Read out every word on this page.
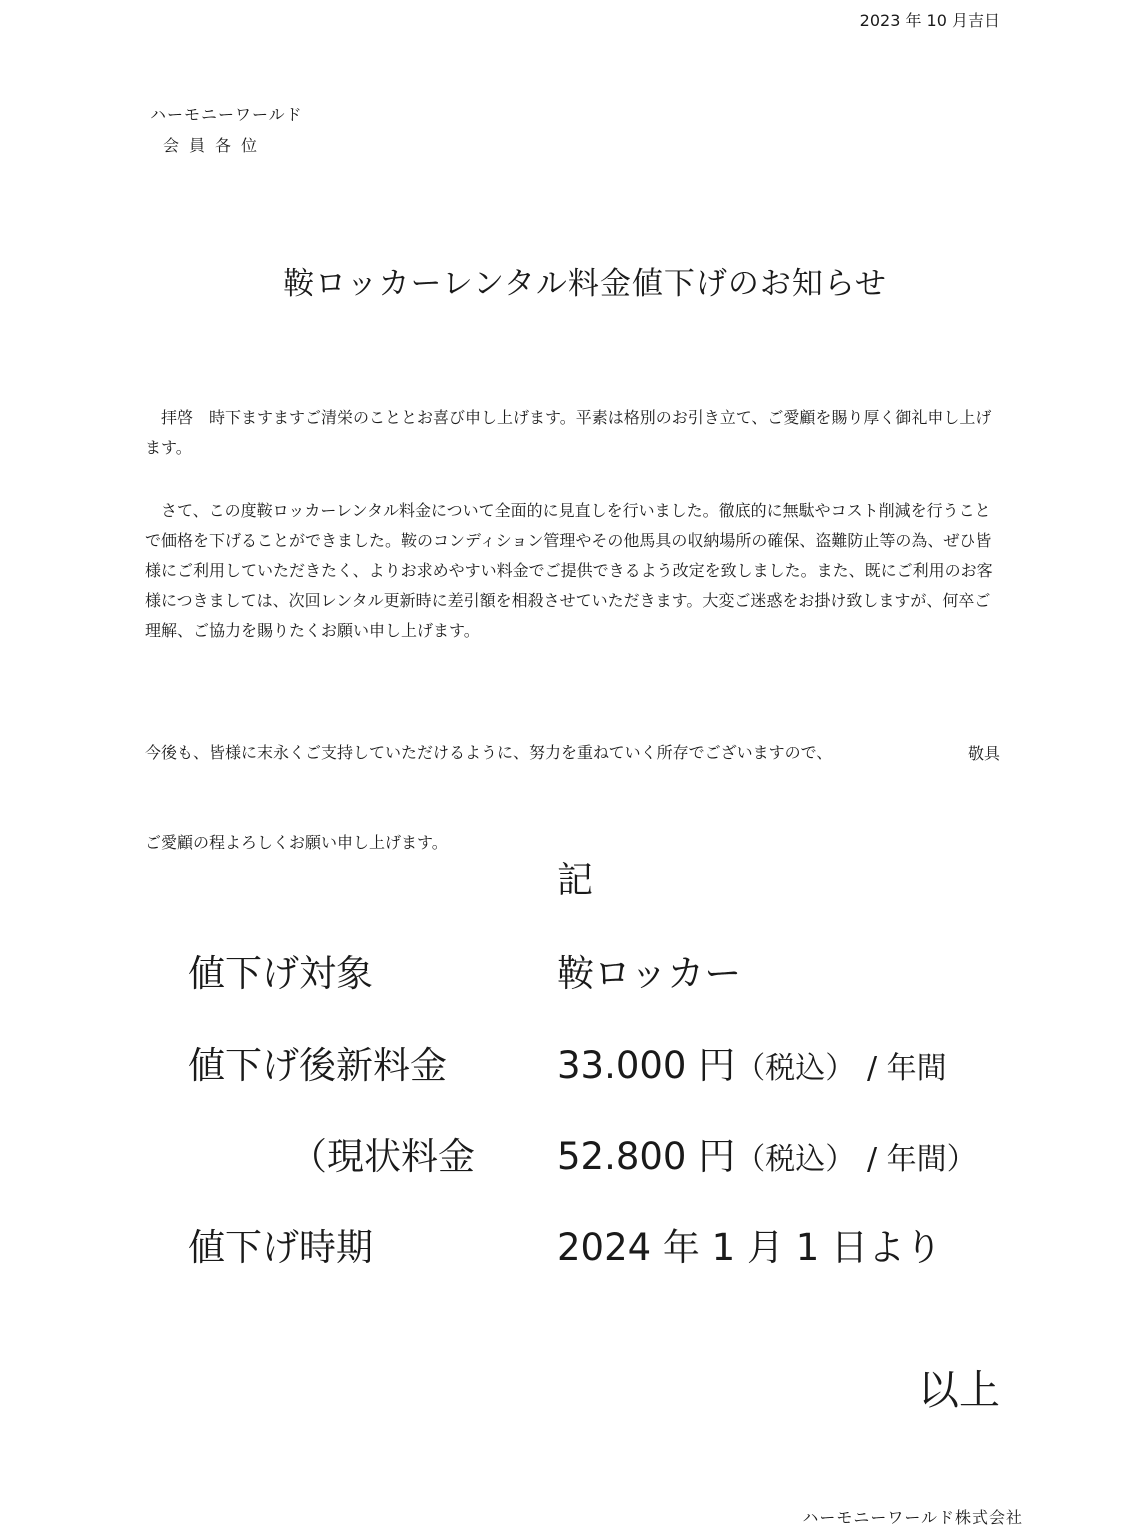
2023 年 10 月吉日
ハーモニーワールド
会員各位
鞍ロッカーレンタル料金値下げのお知らせ
　拝啓　時下ますますご清栄のこととお喜び申し上げます。平素は格別のお引き立て、ご愛顧を賜り厚く御礼申し上げます。
　さて、この度鞍ロッカーレンタル料金について全面的に見直しを行いました。徹底的に無駄やコスト削減を行うことで価格を下げることができました。鞍のコンディション管理やその他馬具の収納場所の確保、盗難防止等の為、ぜひ皆様にご利用していただきたく、よりお求めやすい料金でご提供できるよう改定を致しました。また、既にご利用のお客様につきましては、次回レンタル更新時に差引額を相殺させていただきます。大変ご迷惑をお掛け致しますが、何卒ご理解、ご協力を賜りたくお願い申し上げます。

今後も、皆様に末永くご支持していただけるように、努力を重ねていく所存でございますので、

ご愛顧の程よろしくお願い申し上げます。

敬具
記
値下げ対象	鞍ロッカー
値下げ後新料金	33.000 円（税込） / 年間
（現状料金 52.800 円（税込） / 年間）
値下げ時期	2024 年 1 月 1 日より
以上
ハーモニーワールド株式会社
